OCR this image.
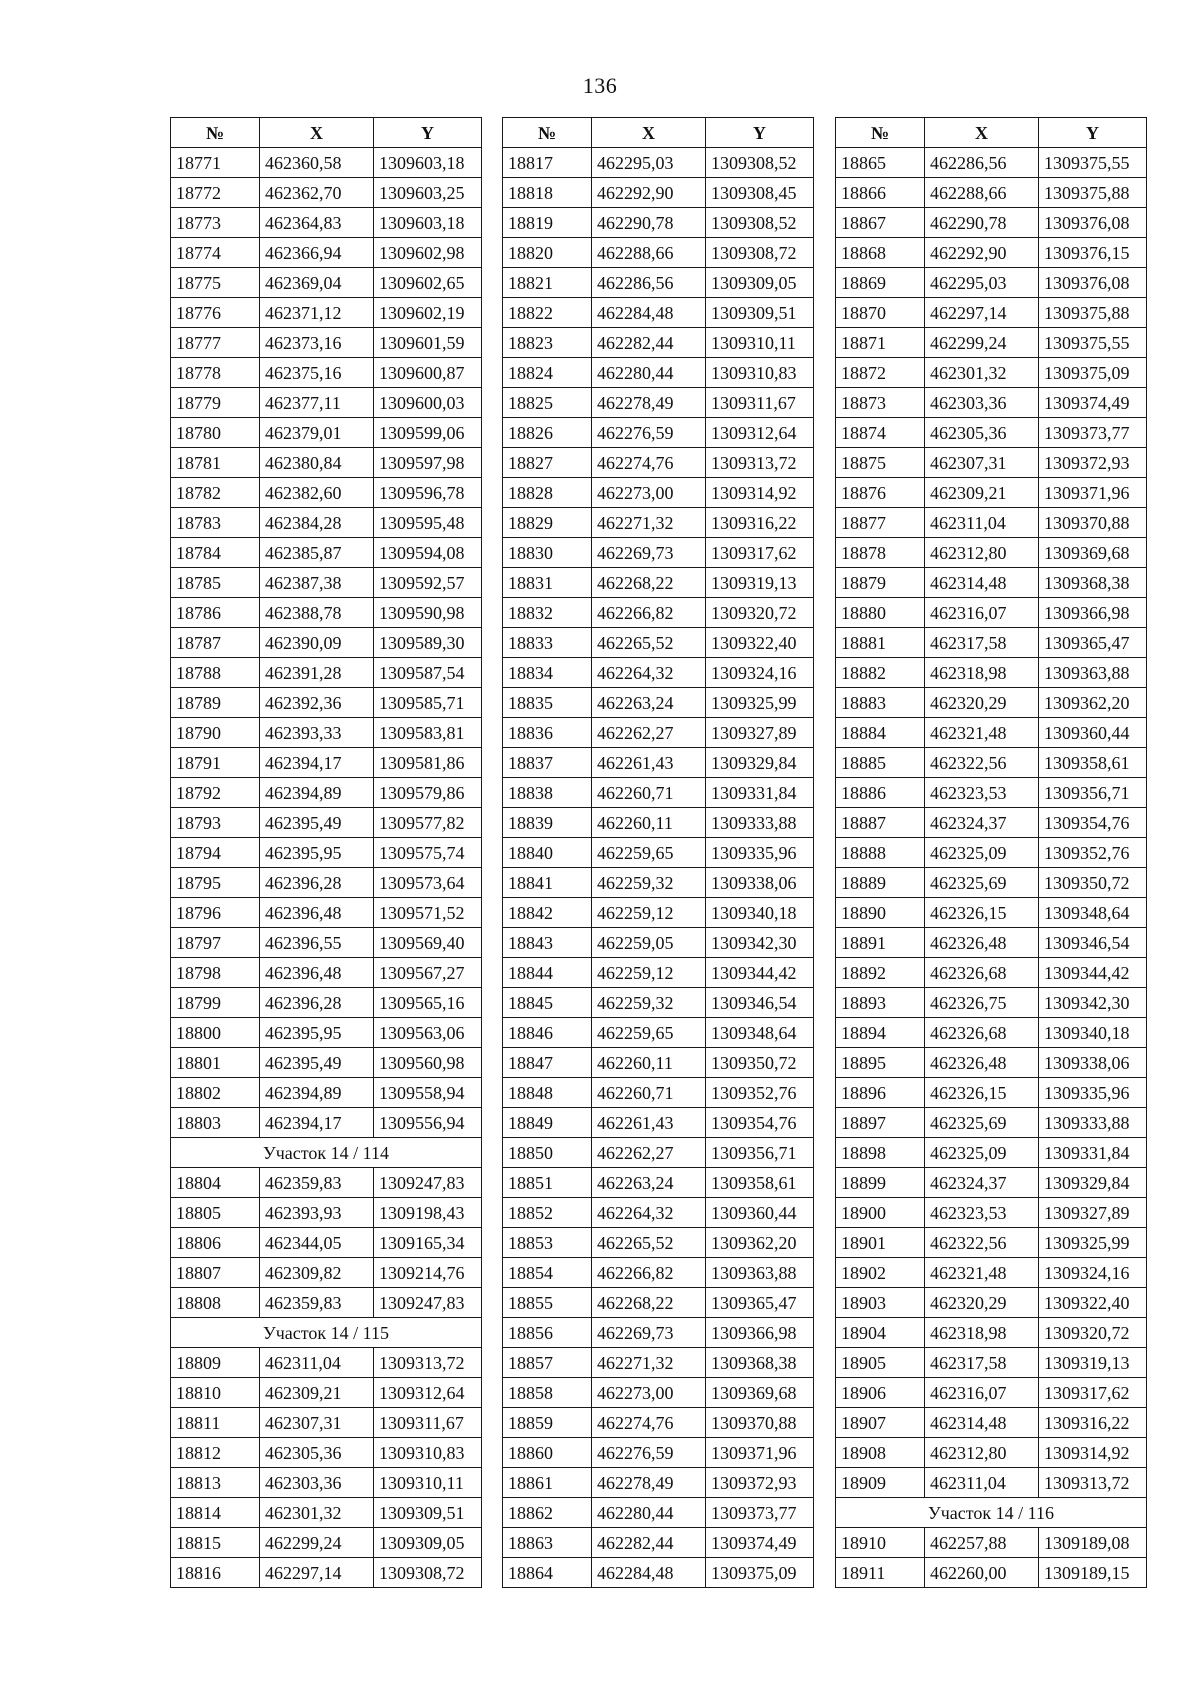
136
№	X	Y
18771	462360,58	1309603,18
18772	462362,70	1309603,25
18773	462364,83	1309603,18
18774	462366,94	1309602,98
18775	462369,04	1309602,65
18776	462371,12	1309602,19
18777	462373,16	1309601,59
18778	462375,16	1309600,87
18779	462377,11	1309600,03
18780	462379,01	1309599,06
18781	462380,84	1309597,98
18782	462382,60	1309596,78
18783	462384,28	1309595,48
18784	462385,87	1309594,08
18785	462387,38	1309592,57
18786	462388,78	1309590,98
18787	462390,09	1309589,30
18788	462391,28	1309587,54
18789	462392,36	1309585,71
18790	462393,33	1309583,81
18791	462394,17	1309581,86
18792	462394,89	1309579,86
18793	462395,49	1309577,82
18794	462395,95	1309575,74
18795	462396,28	1309573,64
18796	462396,48	1309571,52
18797	462396,55	1309569,40
18798	462396,48	1309567,27
18799	462396,28	1309565,16
18800	462395,95	1309563,06
18801	462395,49	1309560,98
18802	462394,89	1309558,94
18803	462394,17	1309556,94
Участок 14 / 114		
18804	462359,83	1309247,83
18805	462393,93	1309198,43
18806	462344,05	1309165,34
18807	462309,82	1309214,76
18808	462359,83	1309247,83
Участок 14 / 115		
18809	462311,04	1309313,72
18810	462309,21	1309312,64
18811	462307,31	1309311,67
18812	462305,36	1309310,83
18813	462303,36	1309310,11
18814	462301,32	1309309,51
18815	462299,24	1309309,05
18816	462297,14	1309308,72
№	X	Y
18817	462295,03	1309308,52
18818	462292,90	1309308,45
18819	462290,78	1309308,52
18820	462288,66	1309308,72
18821	462286,56	1309309,05
18822	462284,48	1309309,51
18823	462282,44	1309310,11
18824	462280,44	1309310,83
18825	462278,49	1309311,67
18826	462276,59	1309312,64
18827	462274,76	1309313,72
18828	462273,00	1309314,92
18829	462271,32	1309316,22
18830	462269,73	1309317,62
18831	462268,22	1309319,13
18832	462266,82	1309320,72
18833	462265,52	1309322,40
18834	462264,32	1309324,16
18835	462263,24	1309325,99
18836	462262,27	1309327,89
18837	462261,43	1309329,84
18838	462260,71	1309331,84
18839	462260,11	1309333,88
18840	462259,65	1309335,96
18841	462259,32	1309338,06
18842	462259,12	1309340,18
18843	462259,05	1309342,30
18844	462259,12	1309344,42
18845	462259,32	1309346,54
18846	462259,65	1309348,64
18847	462260,11	1309350,72
18848	462260,71	1309352,76
18849	462261,43	1309354,76
18850	462262,27	1309356,71
18851	462263,24	1309358,61
18852	462264,32	1309360,44
18853	462265,52	1309362,20
18854	462266,82	1309363,88
18855	462268,22	1309365,47
18856	462269,73	1309366,98
18857	462271,32	1309368,38
18858	462273,00	1309369,68
18859	462274,76	1309370,88
18860	462276,59	1309371,96
18861	462278,49	1309372,93
18862	462280,44	1309373,77
18863	462282,44	1309374,49
18864	462284,48	1309375,09
№	X	Y
18865	462286,56	1309375,55
18866	462288,66	1309375,88
18867	462290,78	1309376,08
18868	462292,90	1309376,15
18869	462295,03	1309376,08
18870	462297,14	1309375,88
18871	462299,24	1309375,55
18872	462301,32	1309375,09
18873	462303,36	1309374,49
18874	462305,36	1309373,77
18875	462307,31	1309372,93
18876	462309,21	1309371,96
18877	462311,04	1309370,88
18878	462312,80	1309369,68
18879	462314,48	1309368,38
18880	462316,07	1309366,98
18881	462317,58	1309365,47
18882	462318,98	1309363,88
18883	462320,29	1309362,20
18884	462321,48	1309360,44
18885	462322,56	1309358,61
18886	462323,53	1309356,71
18887	462324,37	1309354,76
18888	462325,09	1309352,76
18889	462325,69	1309350,72
18890	462326,15	1309348,64
18891	462326,48	1309346,54
18892	462326,68	1309344,42
18893	462326,75	1309342,30
18894	462326,68	1309340,18
18895	462326,48	1309338,06
18896	462326,15	1309335,96
18897	462325,69	1309333,88
18898	462325,09	1309331,84
18899	462324,37	1309329,84
18900	462323,53	1309327,89
18901	462322,56	1309325,99
18902	462321,48	1309324,16
18903	462320,29	1309322,40
18904	462318,98	1309320,72
18905	462317,58	1309319,13
18906	462316,07	1309317,62
18907	462314,48	1309316,22
18908	462312,80	1309314,92
18909	462311,04	1309313,72
Участок 14 / 116		
18910	462257,88	1309189,08
18911	462260,00	1309189,15
